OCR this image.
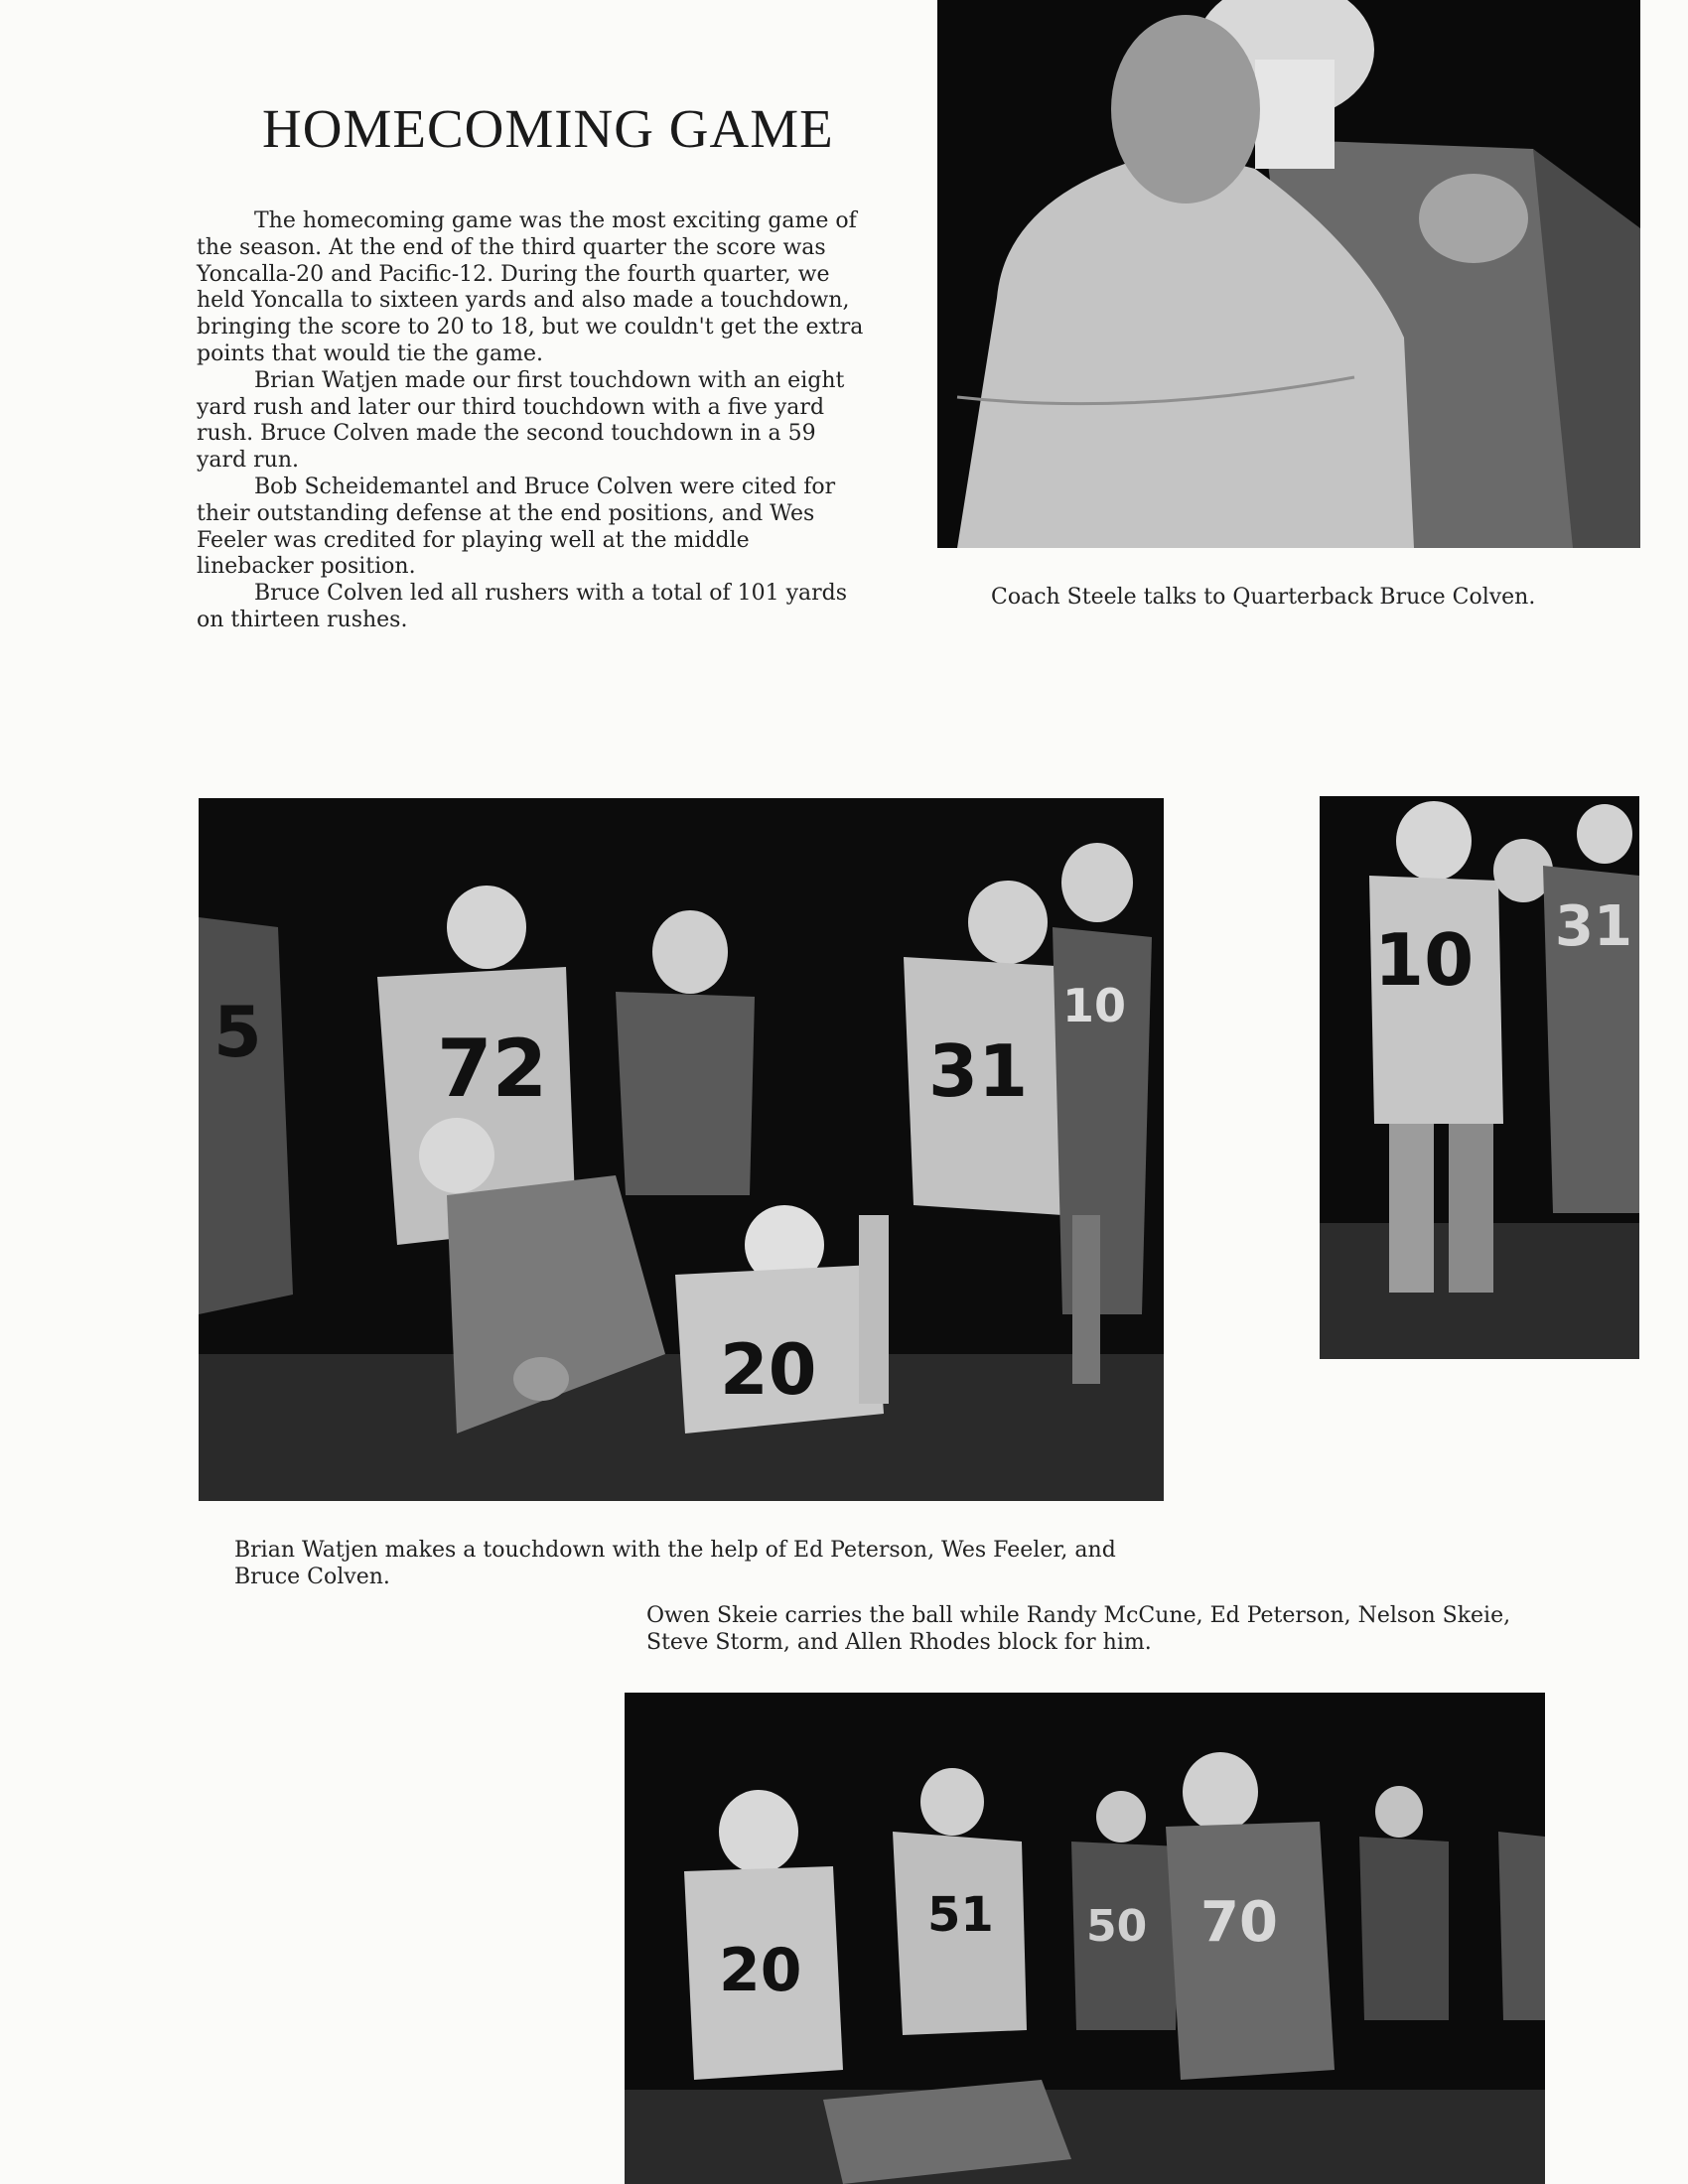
HOMECOMING GAME

The homecoming game was the most exciting game of the season. At the end of the third quarter the score was Yoncalla-20 and Pacific-12. During the fourth quarter, we held Yoncalla to sixteen yards and also made a touchdown, bringing the score to 20 to 18, but we couldn't get the extra points that would tie the game.

Brian Watjen made our first touchdown with an eight yard rush and later our third touchdown with a five yard rush. Bruce Colven made the second touchdown in a 59 yard run.

Bob Scheidemantel and Bruce Colven were cited for their outstanding defense at the end positions, and Wes Feeler was credited for playing well at the middle linebacker position.

Bruce Colven led all rushers with a total of 101 yards on thirteen rushes.

Coach Steele talks to Quarterback Bruce Colven.
72	31
10
20
5
10 31
Brian Watjen makes a touchdown with the help of Ed Peterson, Wes Feeler, and Bruce Colven.
Owen Skeie carries the ball while Randy McCune, Ed Peterson, Nelson Skeie, Steve Storm, and Allen Rhodes block for him.
20
51 50 70
